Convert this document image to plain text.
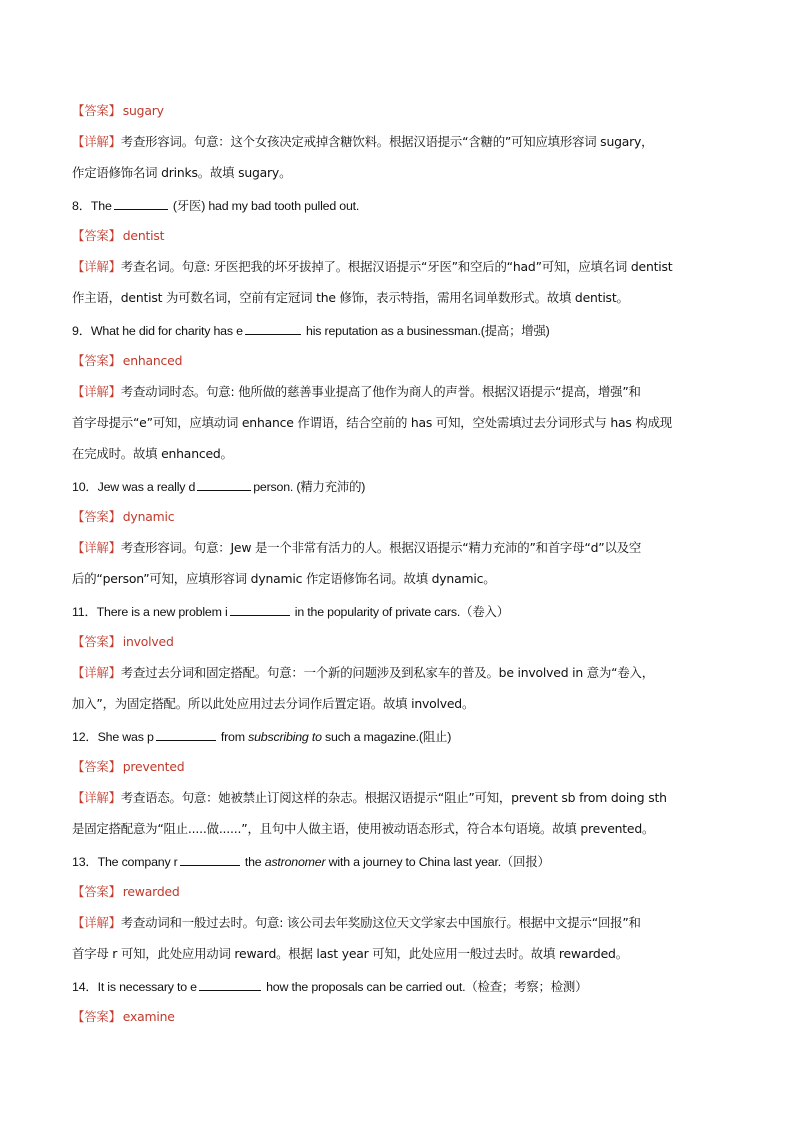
【答案】 sugary
【详解】考查形容词。句意：这个女孩决定戒掉含糖饮料。根据汉语提示“含糖的”可知应填形容词 sugary，
作定语修饰名词 drinks。故填 sugary。
8．The	(牙医) had my bad tooth pulled out.
【答案】 dentist
【详解】考查名词。句意: 牙医把我的坏牙拔掉了。根据汉语提示“牙医”和空后的“had”可知，应填名词 dentist
作主语，dentist 为可数名词，空前有定冠词 the 修饰，表示特指，需用名词单数形式。故填 dentist。
9．What he did for charity has e	his reputation as a businessman.(提高；增强)
【答案】 enhanced
【详解】考查动词时态。句意: 他所做的慈善事业提高了他作为商人的声誉。根据汉语提示“提高，增强”和
首字母提示“e”可知，应填动词 enhance 作谓语，结合空前的 has 可知，空处需填过去分词形式与 has 构成现
在完成时。故填 enhanced。
10．Jew was a really d	person. (精力充沛的)
【答案】 dynamic
【详解】考查形容词。句意：Jew 是一个非常有活力的人。根据汉语提示“精力充沛的”和首字母“d”以及空
后的“person”可知，应填形容词 dynamic 作定语修饰名词。故填 dynamic。
11．There is a new problem i	in the popularity of private cars.（卷入）
【答案】 involved
【详解】考查过去分词和固定搭配。句意：一个新的问题涉及到私家车的普及。be involved in 意为“卷入，
加入”，为固定搭配。所以此处应用过去分词作后置定语。故填 involved。
12．She was p	from subscribing to such a magazine.(阻止)
【答案】 prevented
【详解】考查语态。句意：她被禁止订阅这样的杂志。根据汉语提示“阻止”可知，prevent sb from doing sth
是固定搭配意为“阻止.....做......”，且句中人做主语，使用被动语态形式，符合本句语境。故填 prevented。
13．The company r	the astronomer with a journey to China last year.（回报）
【答案】 rewarded
【详解】考查动词和一般过去时。句意: 该公司去年奖励这位天文学家去中国旅行。根据中文提示“回报”和
首字母 r 可知，此处应用动词 reward。根据 last year 可知，此处应用一般过去时。故填 rewarded。
14．It is necessary to e	how the proposals can be carried out.（检查；考察；检测）
【答案】 examine
